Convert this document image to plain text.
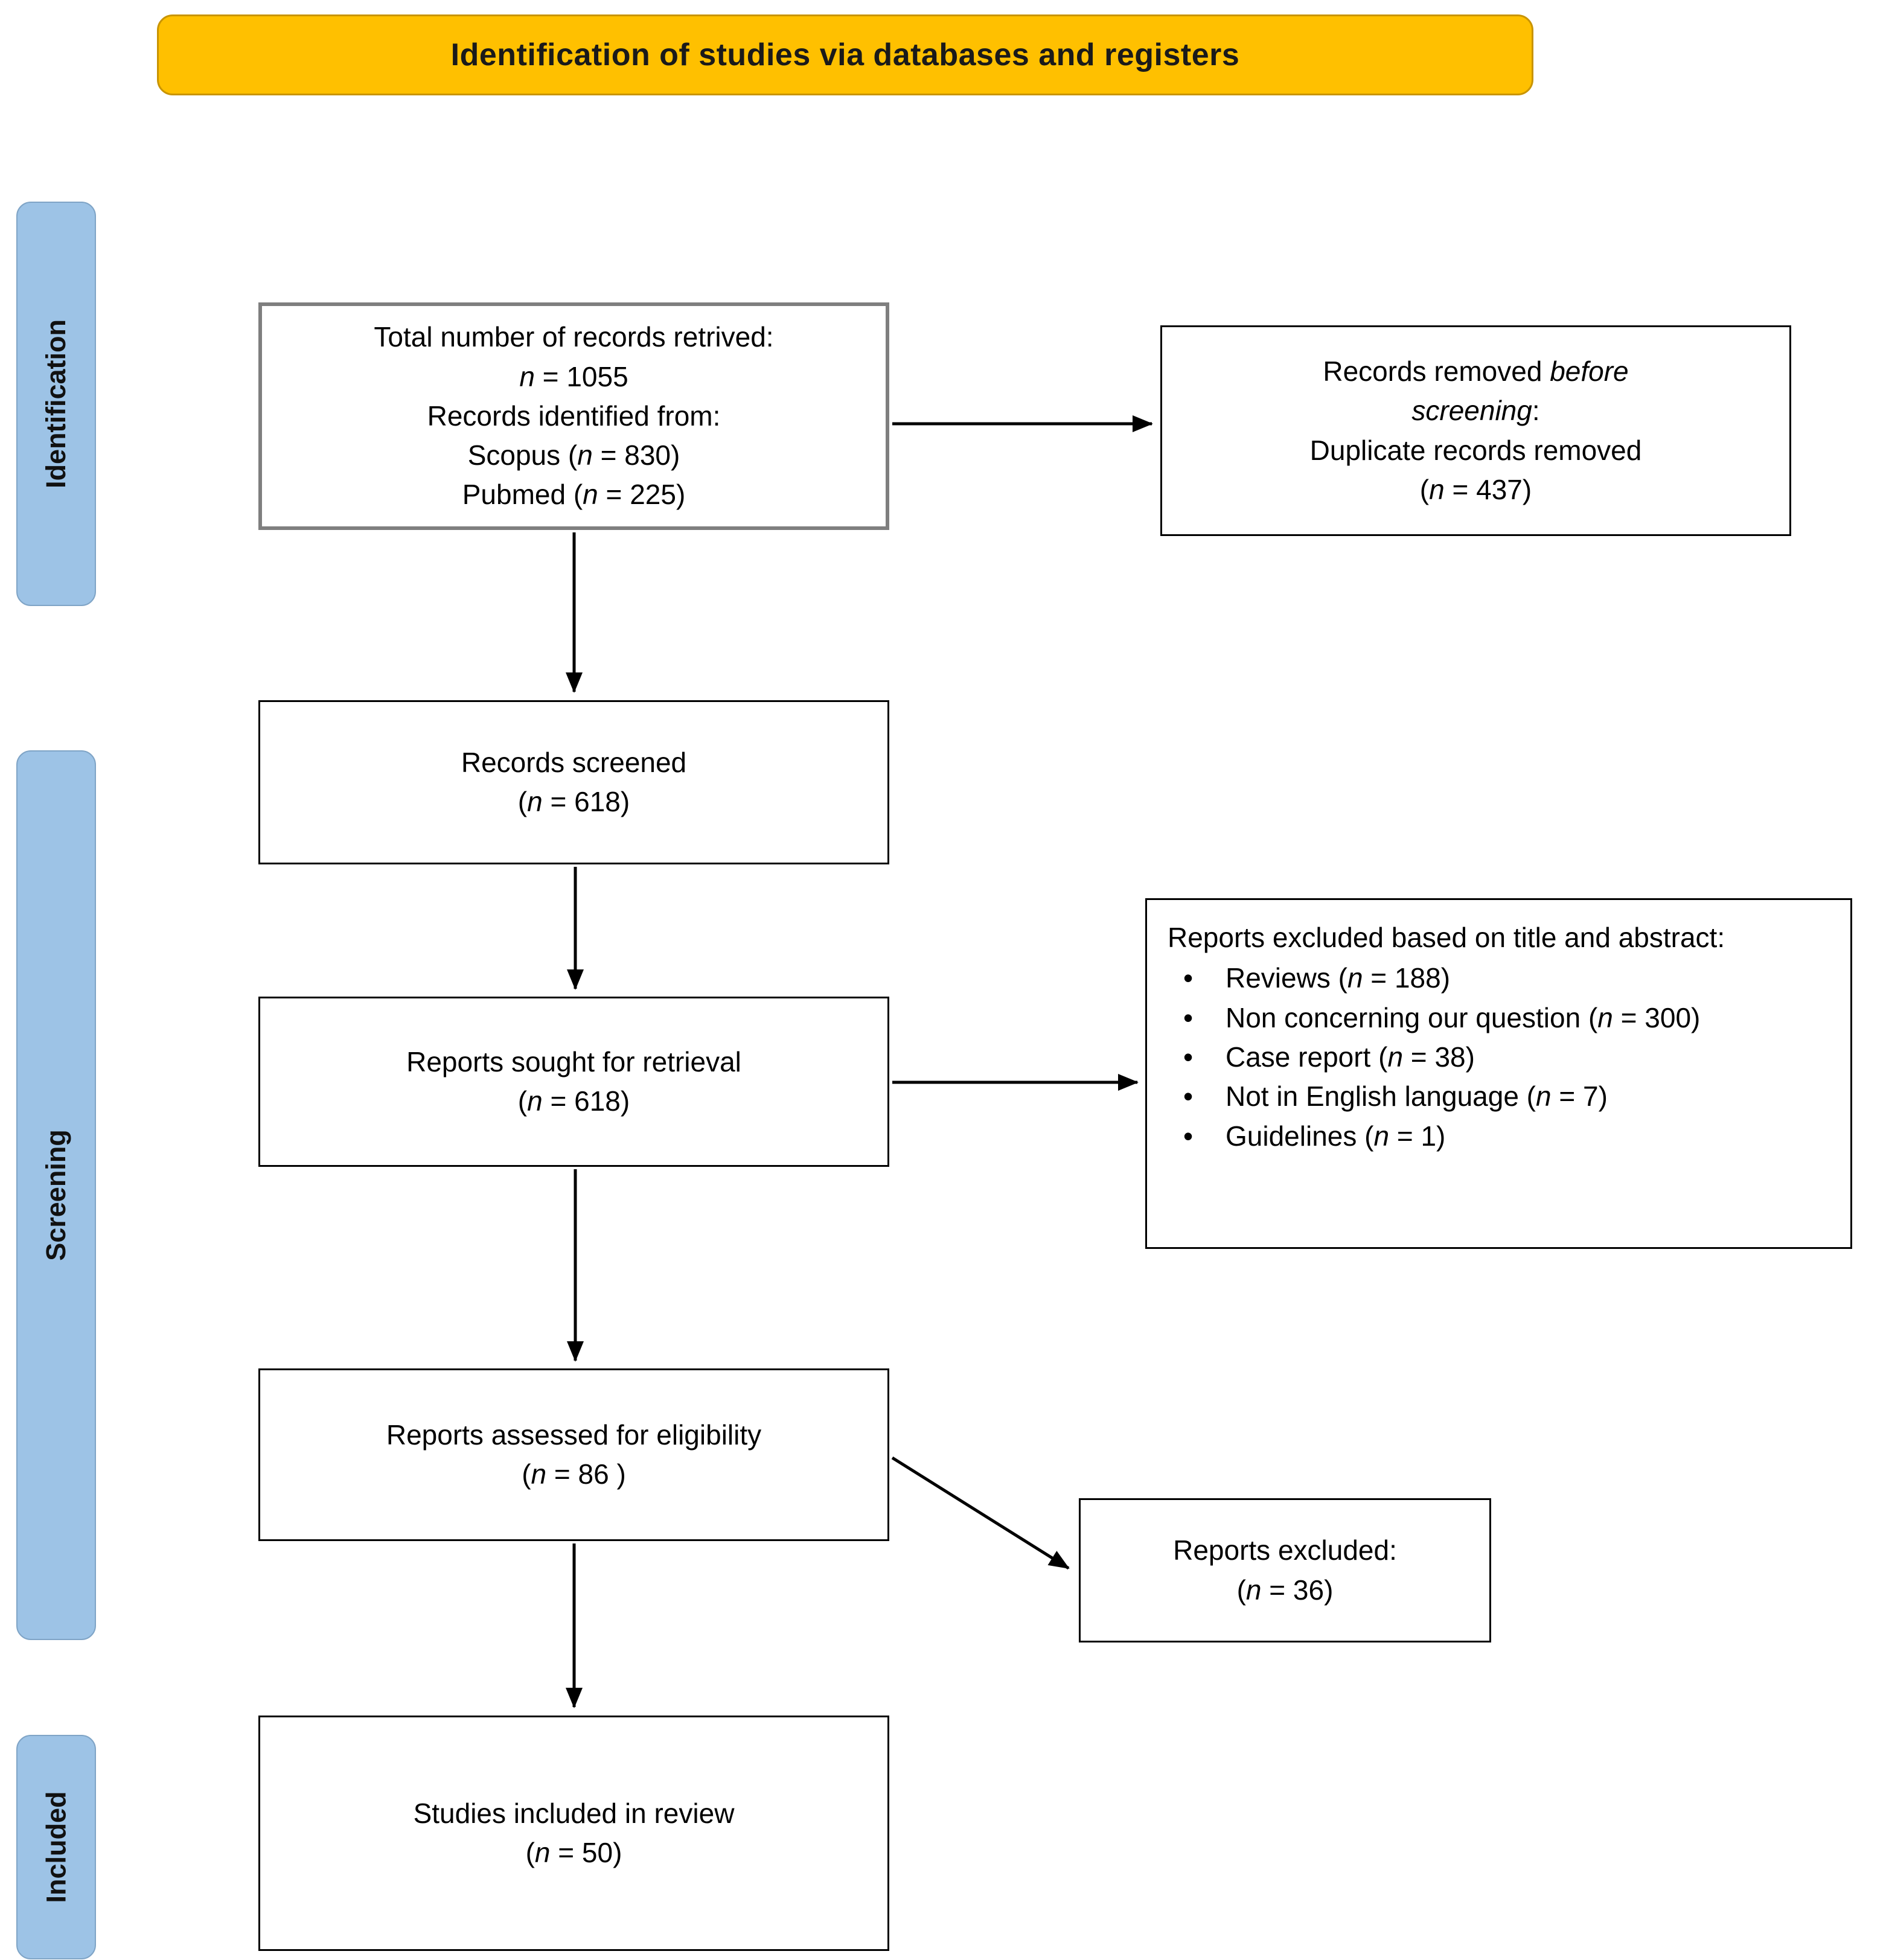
Identification of studies via databases and registers
Identification
Screening
Included
Total number of records retrived:
n = 1055
Records identified from:
Scopus (n = 830)
Pubmed (n = 225)
Records removed before
screening:
Duplicate records removed
(n = 437)
Records screened
(n = 618)
Reports sought for retrieval
(n = 618)
Reports excluded based on title and abstract:
• Reviews (n = 188)
• Non concerning our question (n = 300)
• Case report (n = 38)
• Not in English language (n = 7)
• Guidelines (n = 1)
Reports assessed for eligibility
(n = 86 )
Reports excluded:
(n = 36)
Studies included in review
(n = 50)
